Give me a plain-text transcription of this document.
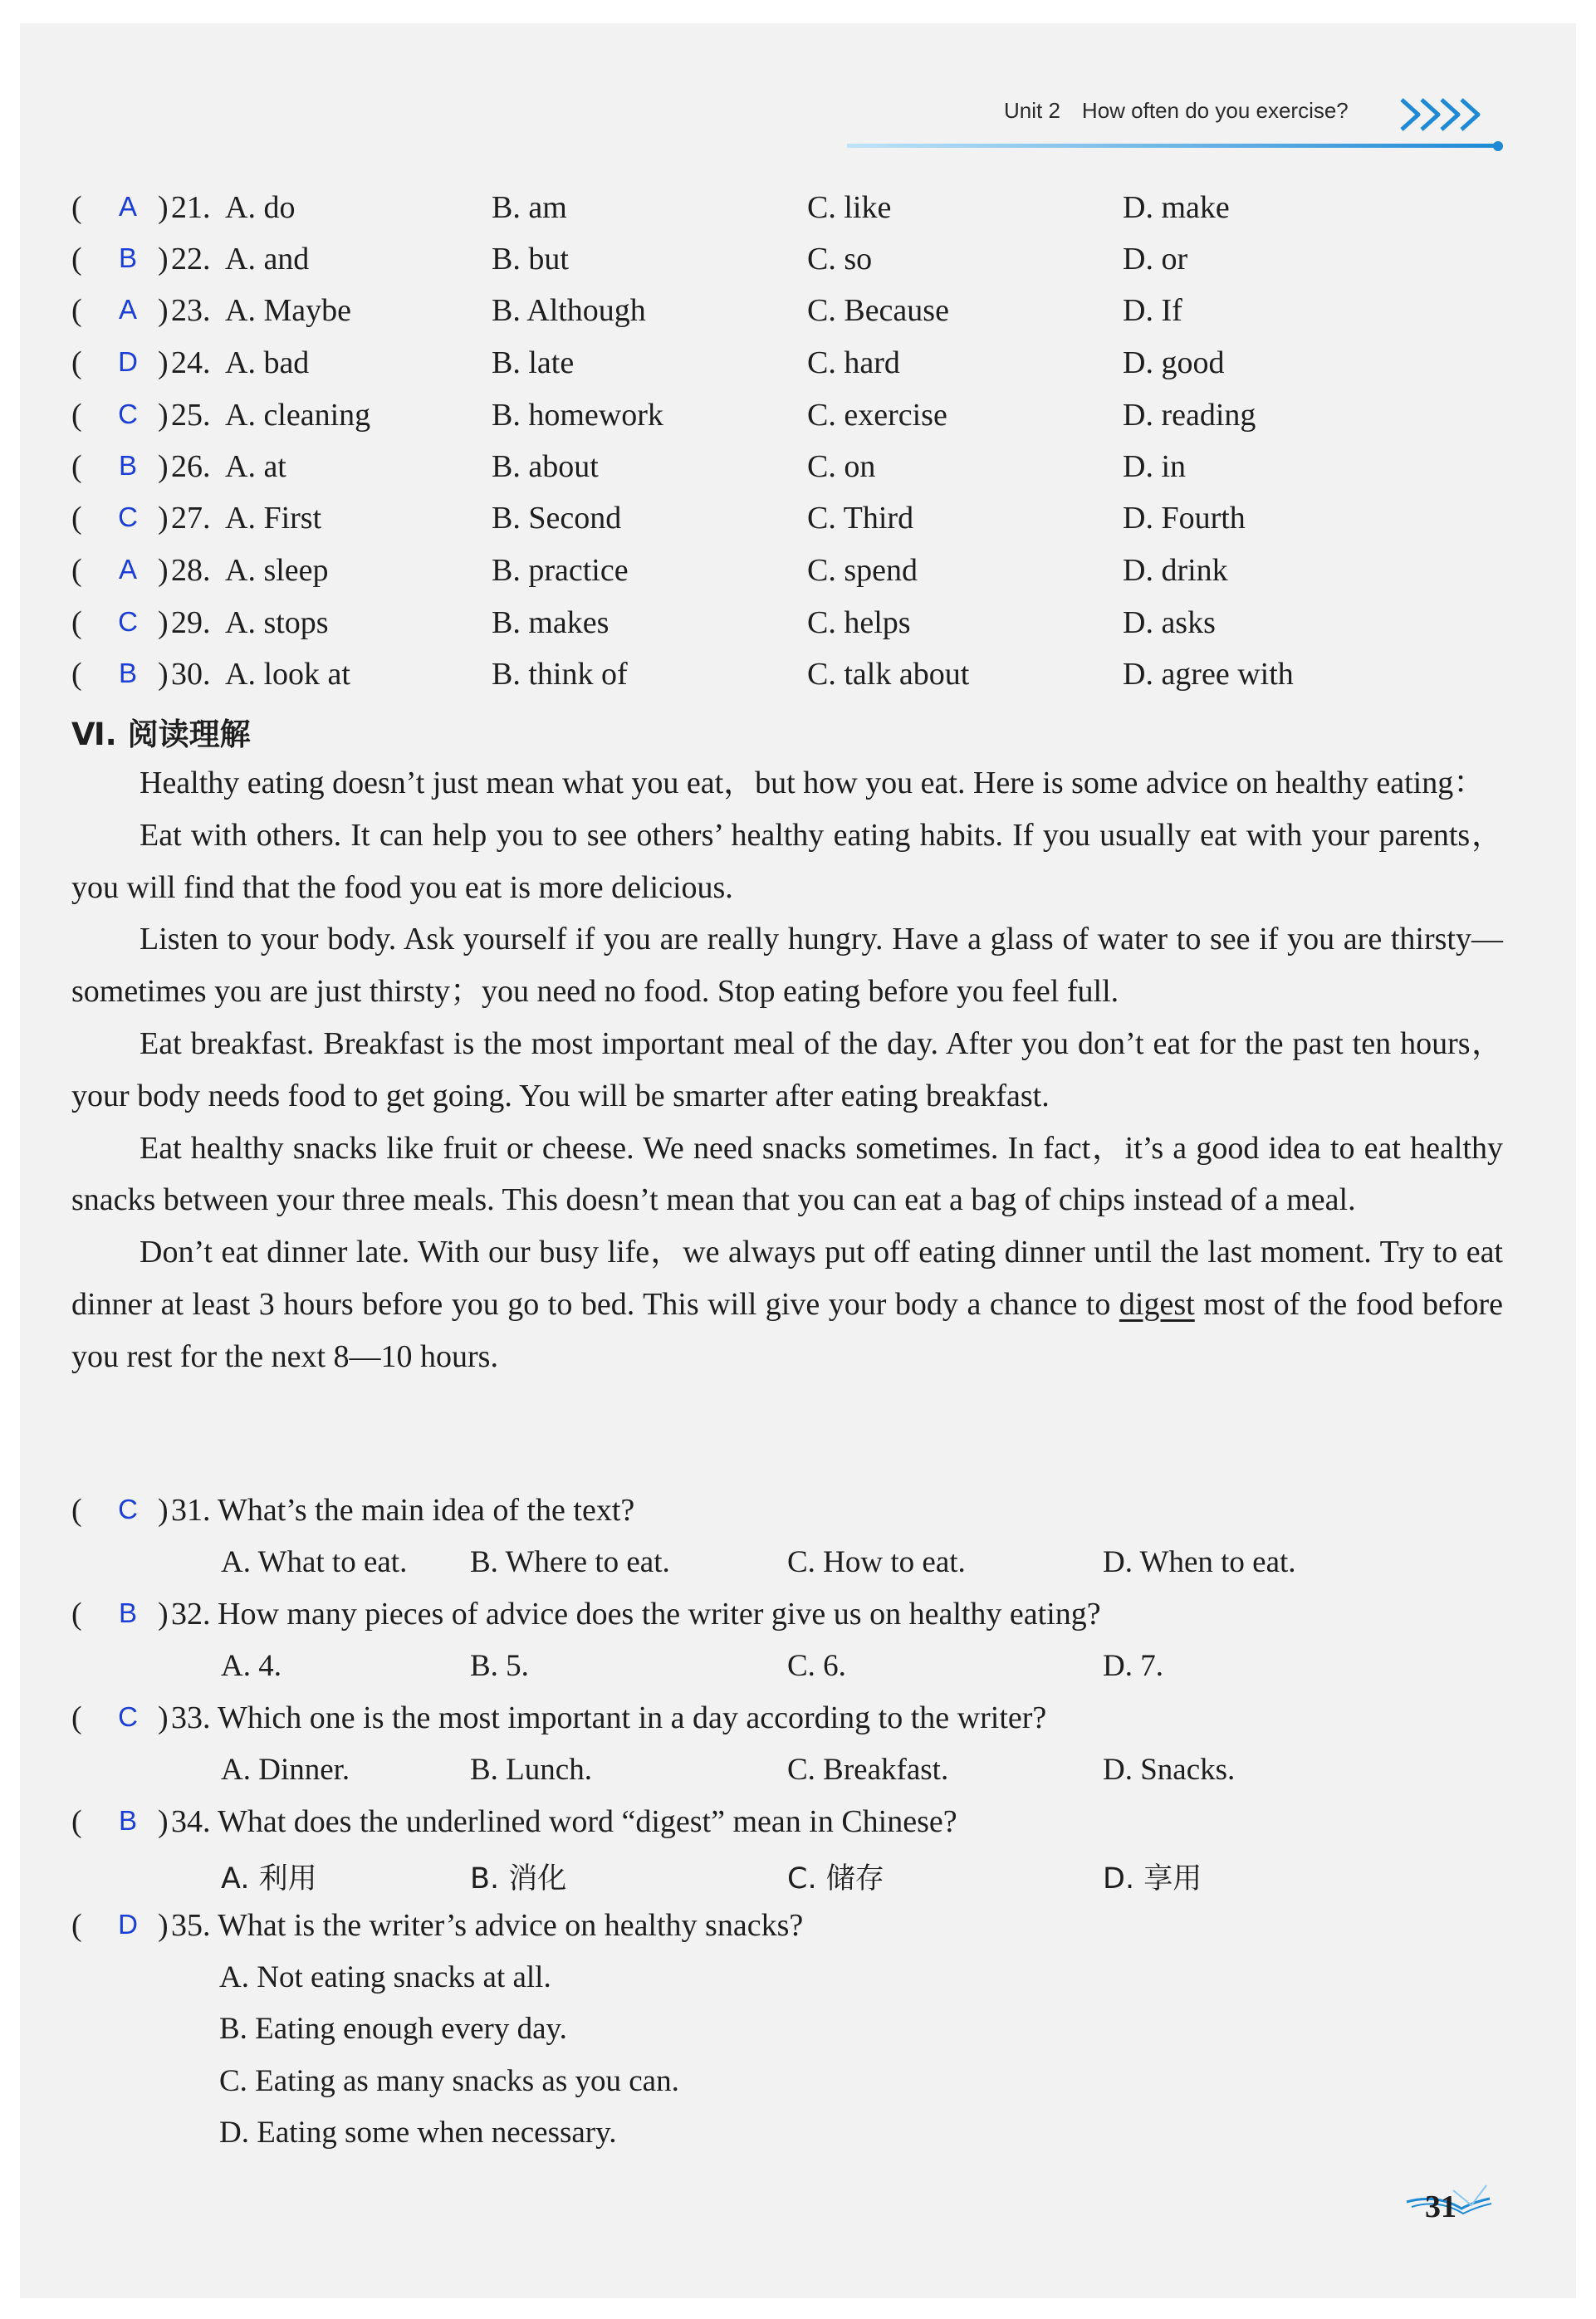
Unit 2 How often do you exercise?
( A ) 21. A. do	B. am	C. like	D. make
( B ) 22. A. and	B. but	C. so	D. or
( A ) 23. A. Maybe	B. Although	C. Because	D. If
( D ) 24. A. bad	B. late	C. hard	D. good
( C ) 25. A. cleaning	B. homework	C. exercise	D. reading
( B ) 26. A. at	B. about	C. on	D. in
( C ) 27. A. First	B. Second	C. Third	D. Fourth
( A ) 28. A. sleep	B. practice	C. spend	D. drink
( C ) 29. A. stops	B. makes	C. helps	D. asks
( B ) 30. A. look at	B. think of	C. talk about	D. agree with
Ⅵ. 阅读理解

Healthy eating doesn’t just mean what you eat，but how you eat. Here is some advice on healthy eating：

Eat with others. It can help you to see others’ healthy eating habits. If you usually eat with your parents，you will find that the food you eat is more delicious.

Listen to your body. Ask yourself if you are really hungry. Have a glass of water to see if you are thirsty—sometimes you are just thirsty；you need no food. Stop eating before you feel full.

Eat breakfast. Breakfast is the most important meal of the day. After you don’t eat for the past ten hours，your body needs food to get going. You will be smarter after eating breakfast.

Eat healthy snacks like fruit or cheese. We need snacks sometimes. In fact，it’s a good idea to eat healthy snacks between your three meals. This doesn’t mean that you can eat a bag of chips instead of a meal.

Don’t eat dinner late. With our busy life，we always put off eating dinner until the last moment. Try to eat dinner at least 3 hours before you go to bed. This will give your body a chance to digest most of the food before you rest for the next 8—10 hours.

( C ) 31. What’s the main idea of the text?
A. What to eat. B. Where to eat.	C. How to eat.	D. When to eat.
( B ) 32. How many pieces of advice does the writer give us on healthy eating?
A. 4.	B. 5.	C. 6.	D. 7.
( C ) 33. Which one is the most important in a day according to the writer?
A. Dinner.	B. Lunch.	C. Breakfast.	D. Snacks.
( B ) 34. What does the underlined word “digest” mean in Chinese?
A. 利用	B. 消化	C. 储存	D. 享用
( D ) 35. What is the writer’s advice on healthy snacks?
A. Not eating snacks at all.
B. Eating enough every day.
C. Eating as many snacks as you can.
D. Eating some when necessary.
31
